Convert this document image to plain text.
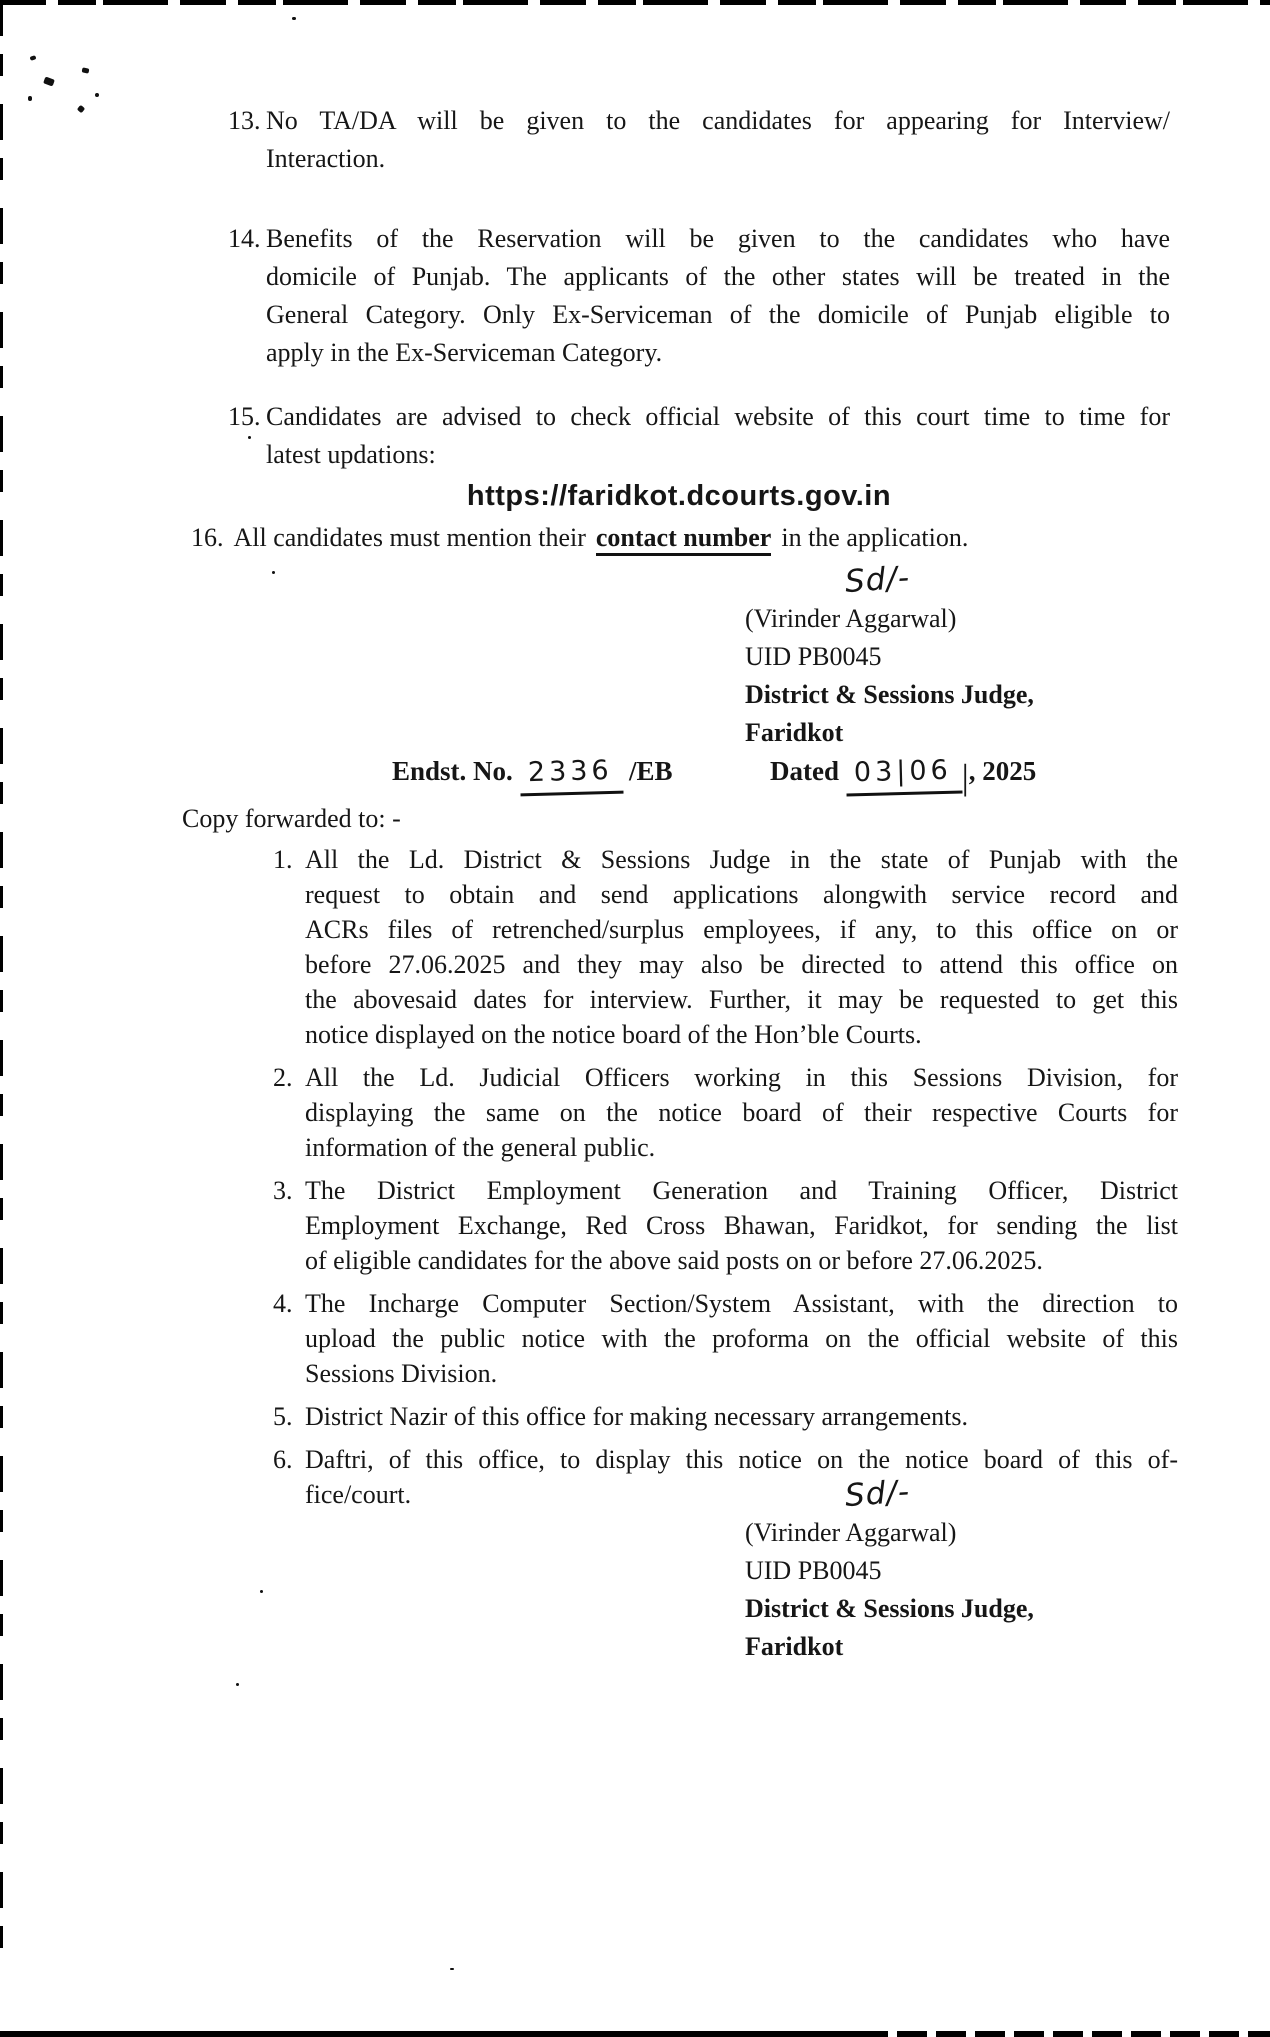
13. No TA/DA will be given to the candidates for appearing for Interview/
Interaction.
14. Benefits of the Reservation will be given to the candidates who have
domicile of Punjab. The applicants of the other states will be treated in the
General Category. Only Ex-Serviceman of the domicile of Punjab eligible to
apply in the Ex-Serviceman Category.
15. Candidates are advised to check official website of this court time to time for
latest updations:
https://faridkot.dcourts.gov.in
16. All candidates must mention their contact number in the application.
Sd/-
(Virinder Aggarwal)
UID PB0045
District & Sessions Judge,
Faridkot
Endst. No. 2336 /EB	Dated 03|06 |, 2025
Copy forwarded to: -
1. All the Ld. District & Sessions Judge in the state of Punjab with the
request to obtain and send applications alongwith service record and
ACRs files of retrenched/surplus employees, if any, to this office on or
before 27.06.2025 and they may also be directed to attend this office on
the abovesaid dates for interview. Further, it may be requested to get this
notice displayed on the notice board of the Hon’ble Courts.
2. All the Ld. Judicial Officers working in this Sessions Division, for
displaying the same on the notice board of their respective Courts for
information of the general public.
3. The District Employment Generation and Training Officer, District
Employment Exchange, Red Cross Bhawan, Faridkot, for sending the list
of eligible candidates for the above said posts on or before 27.06.2025.
4. The Incharge Computer Section/System Assistant, with the direction to
upload the public notice with the proforma on the official website of this
Sessions Division.
5. District Nazir of this office for making necessary arrangements.
6. Daftri, of this office, to display this notice on the notice board of this of-
fice/court.	Sd/-
(Virinder Aggarwal)
UID PB0045
District & Sessions Judge,
Faridkot
